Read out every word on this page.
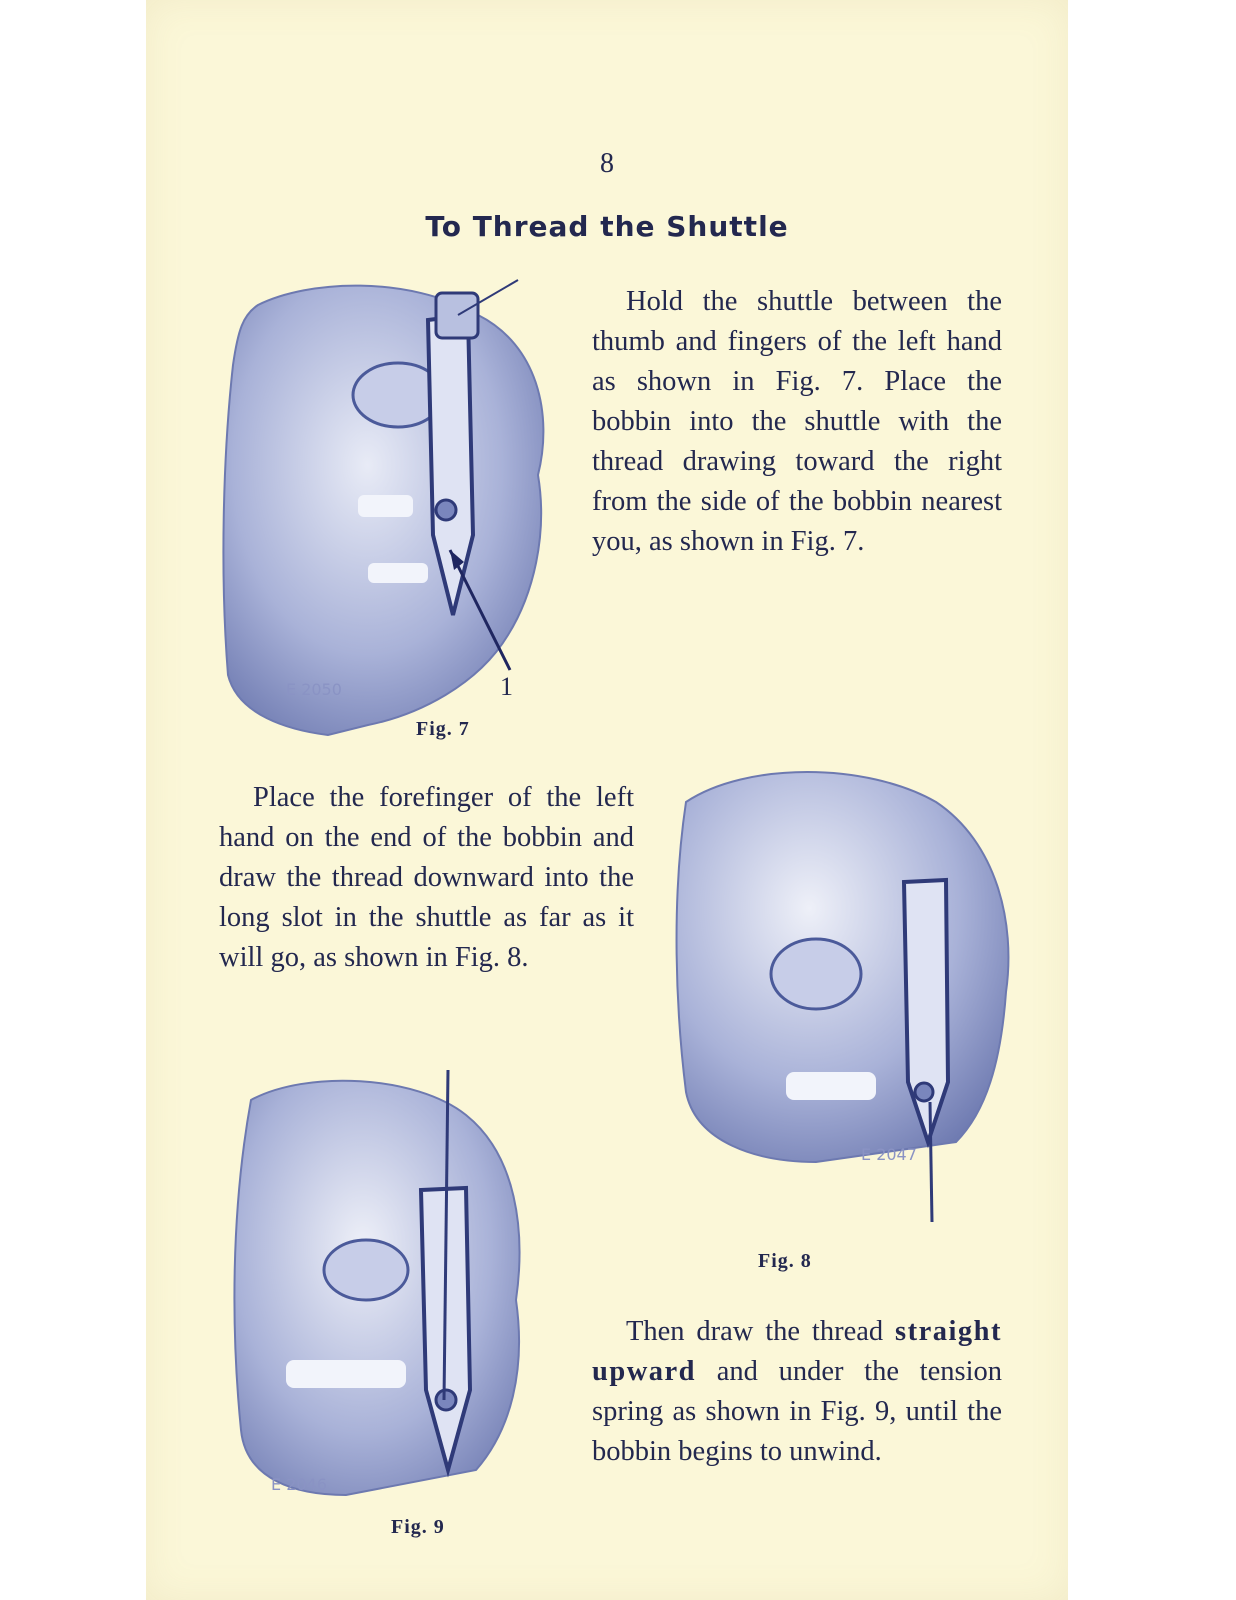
8
To Thread the Shuttle
E 2050	1
Fig. 7
Hold the shuttle between the thumb and fingers of the left hand as shown in Fig. 7. Place the bobbin into the shuttle with the thread drawing toward the right from the side of the bobbin nearest you, as shown in Fig. 7.
Place the forefinger of the left hand on the end of the bobbin and draw the thread downward into the long slot in the shuttle as far as it will go, as shown in Fig. 8.
E 2047
Fig. 8
E 2046
Fig. 9
Then draw the thread straight upward and under the tension spring as shown in Fig. 9, until the bobbin begins to unwind.
